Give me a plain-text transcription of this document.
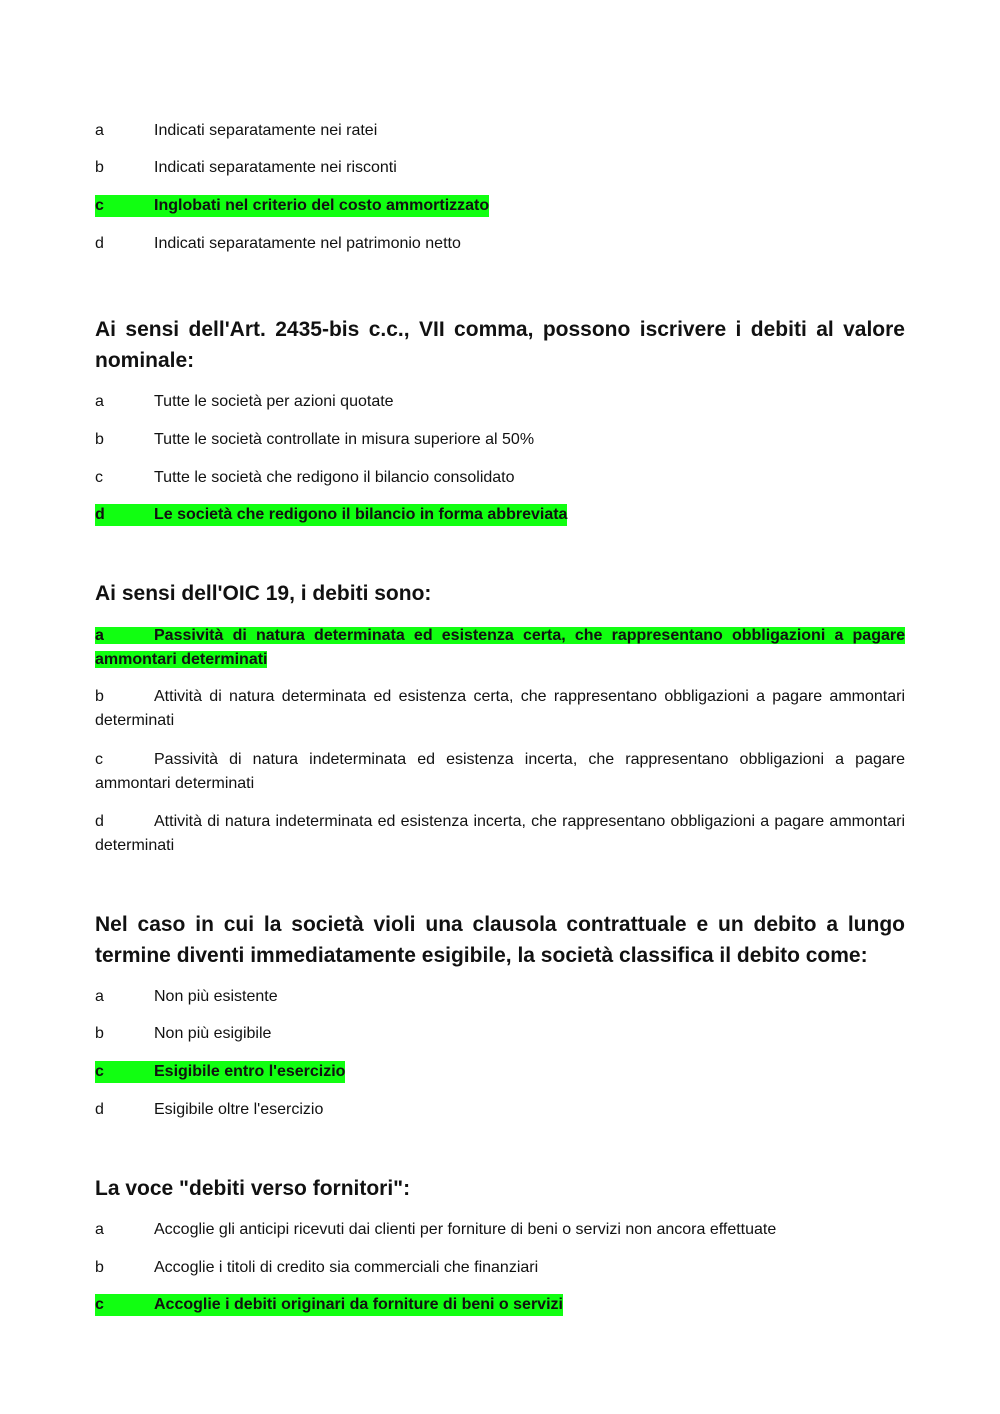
a	Indicati separatamente nei ratei
b	Indicati separatamente nei risconti
c	Inglobati nel criterio del costo ammortizzato
d	Indicati separatamente nel patrimonio netto
Ai sensi dell'Art. 2435-bis c.c., VII comma, possono iscrivere i debiti al valore nominale:
a	Tutte le società per azioni quotate
b	Tutte le società controllate in misura superiore al 50%
c	Tutte le società che redigono il bilancio consolidato
d	Le società che redigono il bilancio in forma abbreviata
Ai sensi dell'OIC 19, i debiti sono:
a	Passività di natura determinata ed esistenza certa, che rappresentano obbligazioni a pagare ammontari determinati
b	Attività di natura determinata ed esistenza certa, che rappresentano obbligazioni a pagare ammontari determinati
c	Passività di natura indeterminata ed esistenza incerta, che rappresentano obbligazioni a pagare ammontari determinati
d	Attività di natura indeterminata ed esistenza incerta, che rappresentano obbligazioni a pagare ammontari determinati
Nel caso in cui la società violi una clausola contrattuale e un debito a lungo termine diventi immediatamente esigibile, la società classifica il debito come:
a	Non più esistente
b	Non più esigibile
c	Esigibile entro l'esercizio
d	Esigibile oltre l'esercizio
La voce "debiti verso fornitori":
a	Accoglie gli anticipi ricevuti dai clienti per forniture di beni o servizi non ancora effettuate
b	Accoglie i titoli di credito sia commerciali che finanziari
c	Accoglie i debiti originari da forniture di beni o servizi
